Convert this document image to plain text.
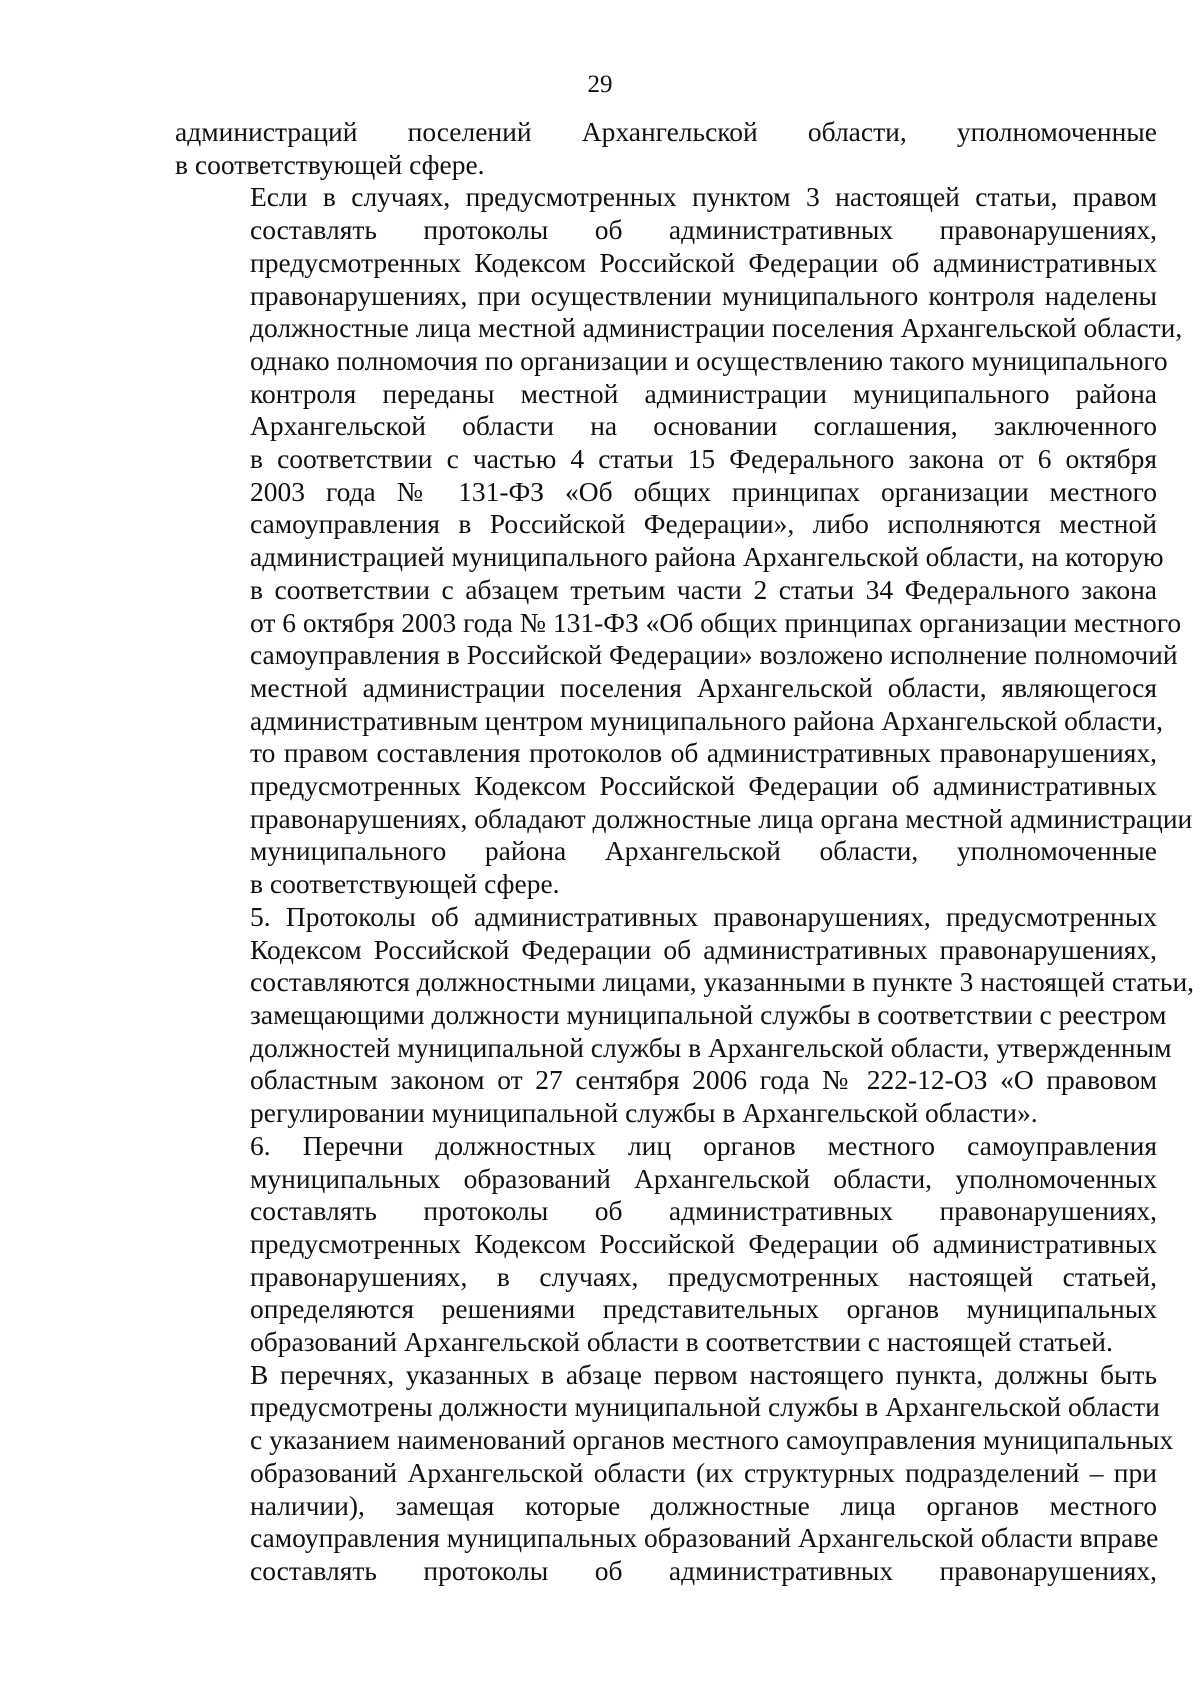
29

администраций поселений Архангельской области, уполномоченные
в соответствующей сфере.

Если в случаях, предусмотренных пунктом 3 настоящей статьи, правом
составлять протоколы об административных правонарушениях,
предусмотренных Кодексом Российской Федерации об административных
правонарушениях, при осуществлении муниципального контроля наделены
должностные лица местной администрации поселения Архангельской области,
однако полномочия по организации и осуществлению такого муниципального
контроля переданы местной администрации муниципального района
Архангельской области на основании соглашения, заключенного
в соответствии с частью 4 статьи 15 Федерального закона от 6 октября
2003 года № 131-ФЗ «Об общих принципах организации местного
самоуправления в Российской Федерации», либо исполняются местной
администрацией муниципального района Архангельской области, на которую
в соответствии с абзацем третьим части 2 статьи 34 Федерального закона
от 6 октября 2003 года № 131-ФЗ «Об общих принципах организации местного
самоуправления в Российской Федерации» возложено исполнение полномочий
местной администрации поселения Архангельской области, являющегося
административным центром муниципального района Архангельской области,
то правом составления протоколов об административных правонарушениях,
предусмотренных Кодексом Российской Федерации об административных
правонарушениях, обладают должностные лица органа местной администрации
муниципального района Архангельской области, уполномоченные
в соответствующей сфере.

5. Протоколы об административных правонарушениях, предусмотренных
Кодексом Российской Федерации об административных правонарушениях,
составляются должностными лицами, указанными в пункте 3 настоящей статьи,
замещающими должности муниципальной службы в соответствии с реестром
должностей муниципальной службы в Архангельской области, утвержденным
областным законом от 27 сентября 2006 года № 222-12-ОЗ «О правовом
регулировании муниципальной службы в Архангельской области».

6. Перечни должностных лиц органов местного самоуправления
муниципальных образований Архангельской области, уполномоченных
составлять протоколы об административных правонарушениях,
предусмотренных Кодексом Российской Федерации об административных
правонарушениях, в случаях, предусмотренных настоящей статьей,
определяются решениями представительных органов муниципальных
образований Архангельской области в соответствии с настоящей статьей.

В перечнях, указанных в абзаце первом настоящего пункта, должны быть
предусмотрены должности муниципальной службы в Архангельской области
с указанием наименований органов местного самоуправления муниципальных
образований Архангельской области (их структурных подразделений – при
наличии), замещая которые должностные лица органов местного
самоуправления муниципальных образований Архангельской области вправе
составлять протоколы об административных правонарушениях,
